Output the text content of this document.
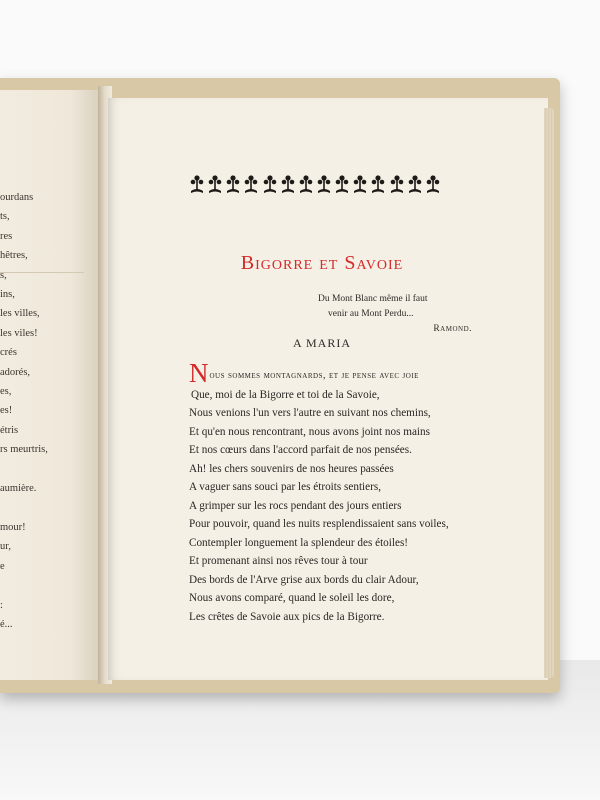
ourdans
ts,
res
hêtres,
s,
ins,
les villes,
les viles!
crés
adorés,
es,
es!
étris
rs meurtris,

aumière.

mour!
ur,
e

:
é...
Bigorre et Savoie
Du Mont Blanc même il faut
venir au Mont Perdu...
Ramond.
A MARIA
Nous sommes montagnards, et je pense avec joie
Que, moi de la Bigorre et toi de la Savoie,
Nous venions l'un vers l'autre en suivant nos chemins,
Et qu'en nous rencontrant, nous avons joint nos mains
Et nos cœurs dans l'accord parfait de nos pensées.
Ah! les chers souvenirs de nos heures passées
A vaguer sans souci par les étroits sentiers,
A grimper sur les rocs pendant des jours entiers
Pour pouvoir, quand les nuits resplendissaient sans voiles,
Contempler longuement la splendeur des étoiles!
Et promenant ainsi nos rêves tour à tour
Des bords de l'Arve grise aux bords du clair Adour,
Nous avons comparé, quand le soleil les dore,
Les crêtes de Savoie aux pics de la Bigorre.
